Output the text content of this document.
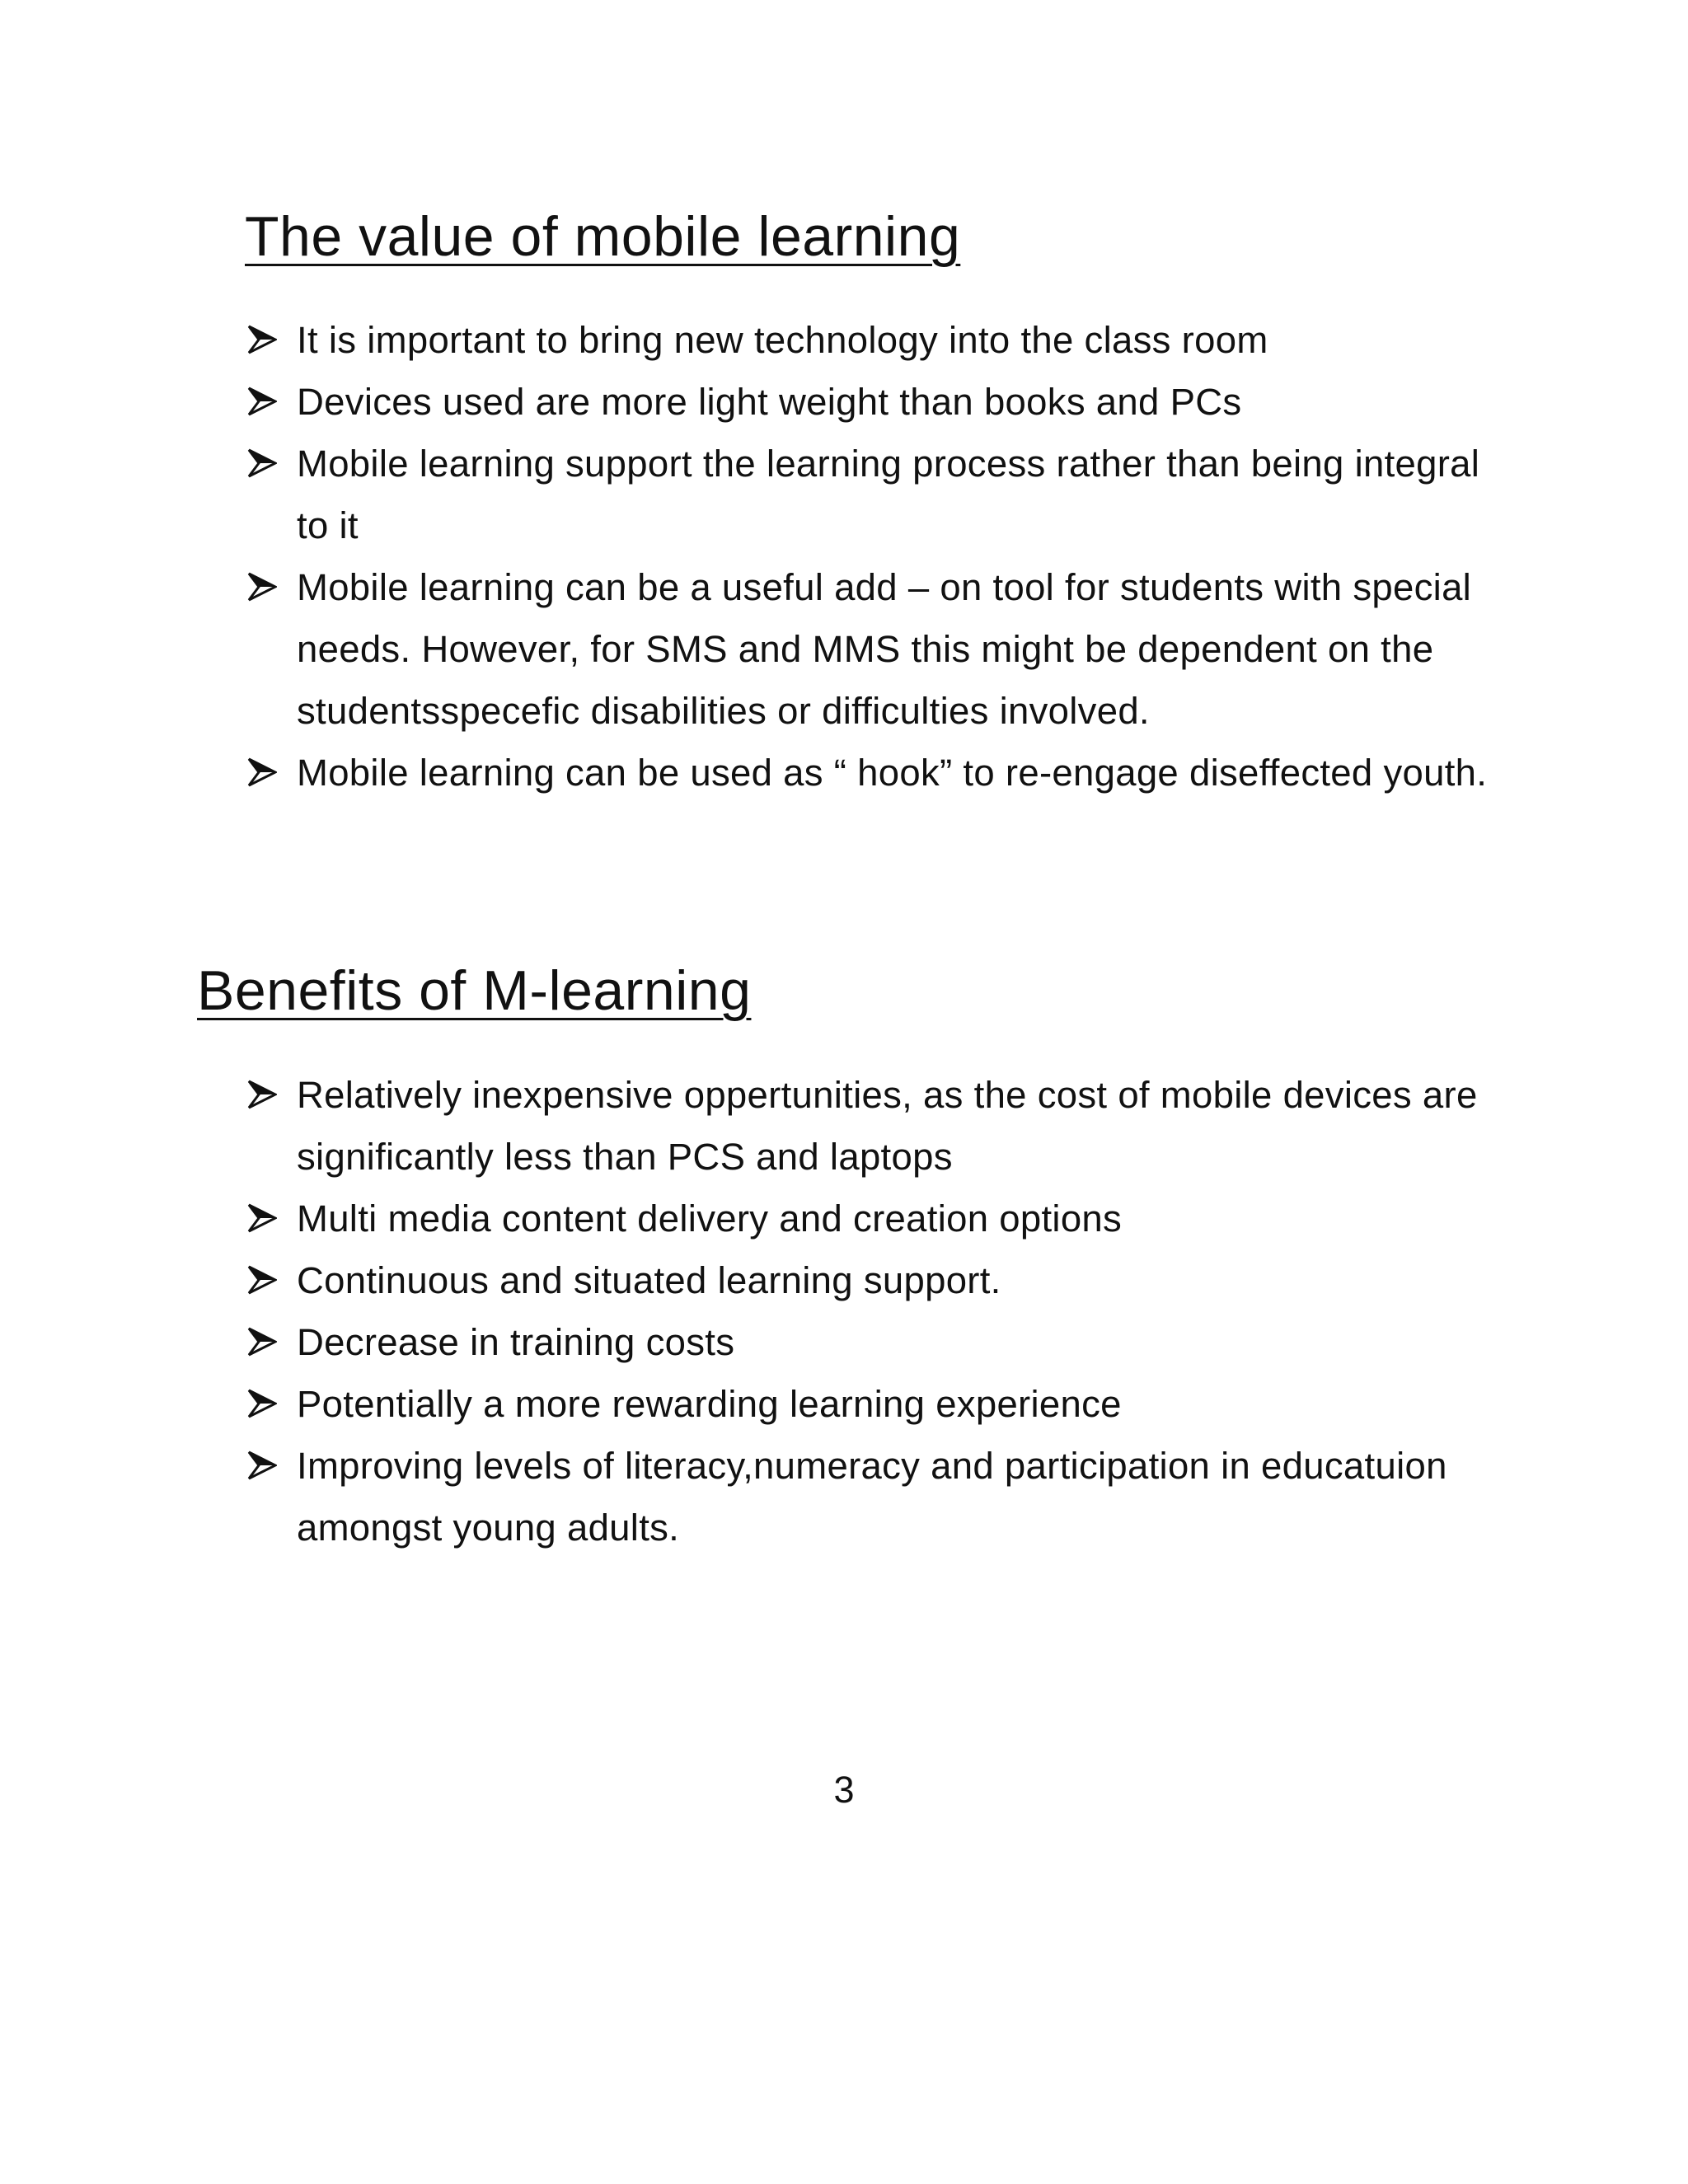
The value of mobile learning
It is important to bring new technology into the class room
Devices used are more light weight than books and PCs
Mobile learning support the learning process rather than being integral to it
Mobile learning can be a useful add – on tool for students with special needs. However, for SMS and MMS this might be dependent on the studentsspecefic disabilities or difficulties involved.
Mobile learning can be used as “ hook” to re-engage diseffected youth.
Benefits of M-learning
Relatively inexpensive oppertunities, as the cost of mobile devices are significantly less than PCS and laptops
Multi media content delivery and creation options
Continuous and situated learning support.
Decrease in training costs
Potentially a more rewarding learning experience
Improving levels of literacy,numeracy and participation in educatuion amongst young adults.
3
